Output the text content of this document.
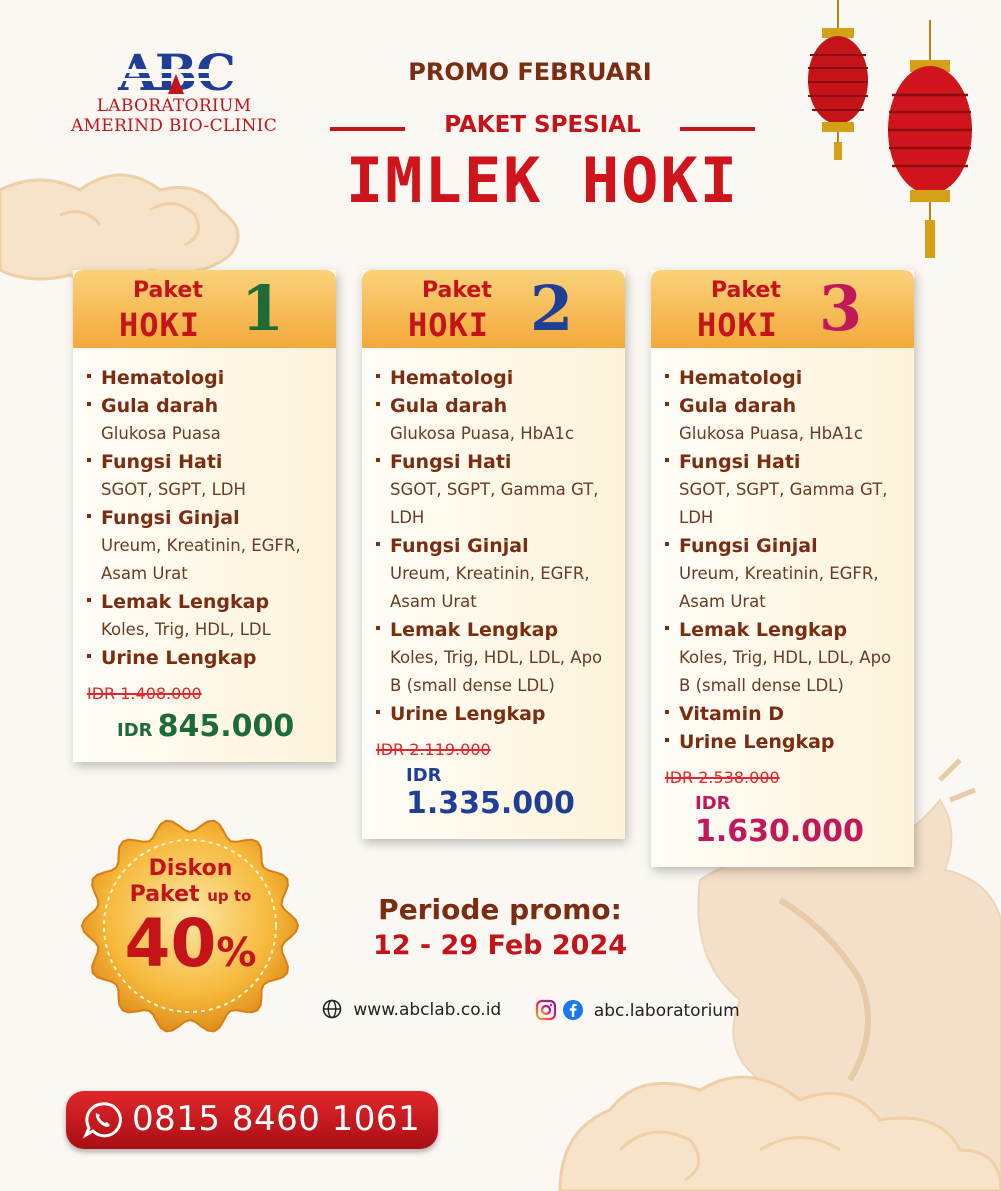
LABORATORIUM
AMERIND BIO-CLINIC
PROMO FEBRUARI
PAKET SPESIAL
IMLEK HOKI
Paket
HOKI 1
Hematologi
Gula darah
Glukosa Puasa
Fungsi Hati
SGOT, SGPT, LDH
Fungsi Ginjal
Ureum, Kreatinin, EGFR, Asam Urat
Lemak Lengkap
Koles, Trig, HDL, LDL
Urine Lengkap
IDR 1.408.000
IDR 845.000
Paket
HOKI 2
Hematologi
Gula darah
Glukosa Puasa, HbA1c
Fungsi Hati
SGOT, SGPT, Gamma GT, LDH
Fungsi Ginjal
Ureum, Kreatinin, EGFR, Asam Urat
Lemak Lengkap
Koles, Trig, HDL, LDL, Apo B (small dense LDL)
Urine Lengkap
IDR 2.119.000
IDR 1.335.000
Paket
HOKI 3
Hematologi
Gula darah
Glukosa Puasa, HbA1c
Fungsi Hati
SGOT, SGPT, Gamma GT, LDH
Fungsi Ginjal
Ureum, Kreatinin, EGFR, Asam Urat
Lemak Lengkap
Koles, Trig, HDL, LDL, Apo B (small dense LDL)
Vitamin D
Urine Lengkap
IDR 2.538.000
IDR 1.630.000
Diskon
Paket up to
40%
Periode promo:
12 - 29 Feb 2024
www.abclab.co.id	abc.laboratorium
0815 8460 1061
